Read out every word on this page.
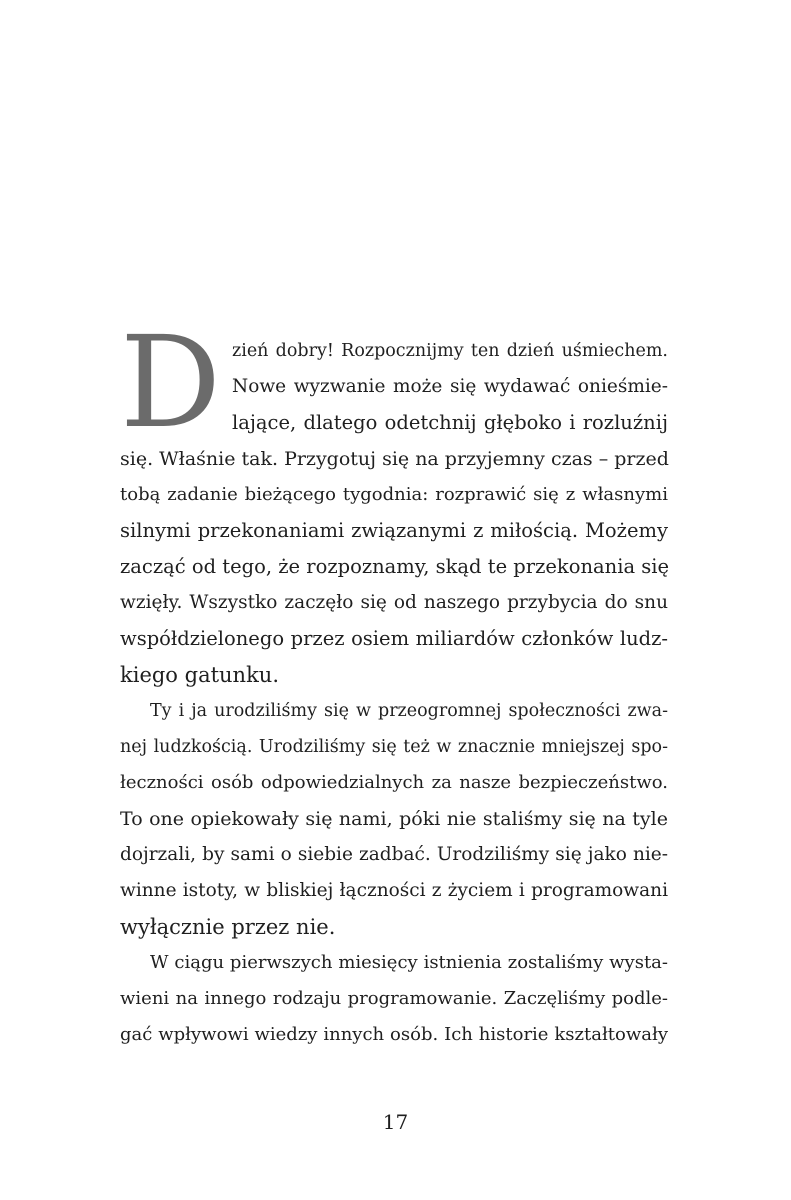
D zień dobry! Rozpocznijmy ten dzień uśmiechem.
Nowe wyzwanie może się wydawać onieśmie-
lające, dlatego odetchnij głęboko i rozluźnij
się. Właśnie tak. Przygotuj się na przyjemny czas – przed
tobą zadanie bieżącego tygodnia: rozprawić się z własnymi
silnymi przekonaniami związanymi z miłością. Możemy
zacząć od tego, że rozpoznamy, skąd te przekonania się
wzięły. Wszystko zaczęło się od naszego przybycia do snu
współdzielonego przez osiem miliardów członków ludz-
kiego gatunku.
Ty i ja urodziliśmy się w przeogromnej społeczności zwa-
nej ludzkością. Urodziliśmy się też w znacznie mniejszej spo-
łeczności osób odpowiedzialnych za nasze bezpieczeństwo.
To one opiekowały się nami, póki nie staliśmy się na tyle
dojrzali, by sami o siebie zadbać. Urodziliśmy się jako nie-
winne istoty, w bliskiej łączności z życiem i programowani
wyłącznie przez nie.
W ciągu pierwszych miesięcy istnienia zostaliśmy wysta-
wieni na innego rodzaju programowanie. Zaczęliśmy podle-
gać wpływowi wiedzy innych osób. Ich historie kształtowały
17
